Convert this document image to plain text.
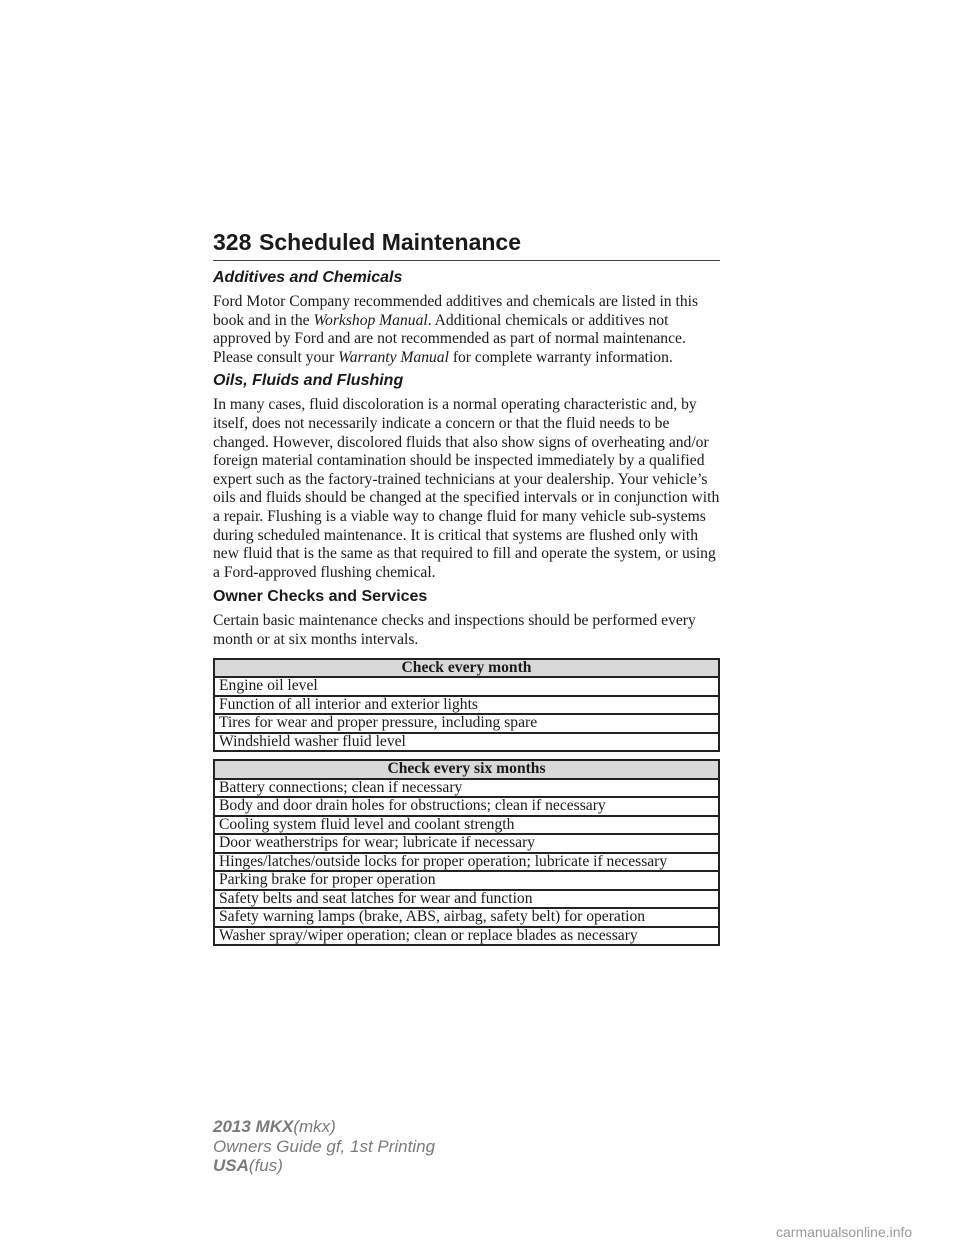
328 Scheduled Maintenance
Additives and Chemicals

Ford Motor Company recommended additives and chemicals are listed in this book and in the Workshop Manual. Additional chemicals or additives not approved by Ford and are not recommended as part of normal maintenance. Please consult your Warranty Manual for complete warranty information.

Oils, Fluids and Flushing

In many cases, fluid discoloration is a normal operating characteristic and, by itself, does not necessarily indicate a concern or that the fluid needs to be changed. However, discolored fluids that also show signs of overheating and/or foreign material contamination should be inspected immediately by a qualified expert such as the factory-trained technicians at your dealership. Your vehicle’s oils and fluids should be changed at the specified intervals or in conjunction with a repair. Flushing is a viable way to change fluid for many vehicle sub-systems during scheduled maintenance. It is critical that systems are flushed only with new fluid that is the same as that required to fill and operate the system, or using a Ford-approved flushing chemical.

Owner Checks and Services

Certain basic maintenance checks and inspections should be performed every month or at six months intervals.

Check every month
Engine oil level
Function of all interior and exterior lights
Tires for wear and proper pressure, including spare
Windshield washer fluid level
Check every six months
Battery connections; clean if necessary
Body and door drain holes for obstructions; clean if necessary
Cooling system fluid level and coolant strength
Door weatherstrips for wear; lubricate if necessary
Hinges/latches/outside locks for proper operation; lubricate if necessary
Parking brake for proper operation
Safety belts and seat latches for wear and function
Safety warning lamps (brake, ABS, airbag, safety belt) for operation
Washer spray/wiper operation; clean or replace blades as necessary
2013 MKX(mkx)
Owners Guide gf, 1st Printing
USA(fus)
carmanualsonline.info
